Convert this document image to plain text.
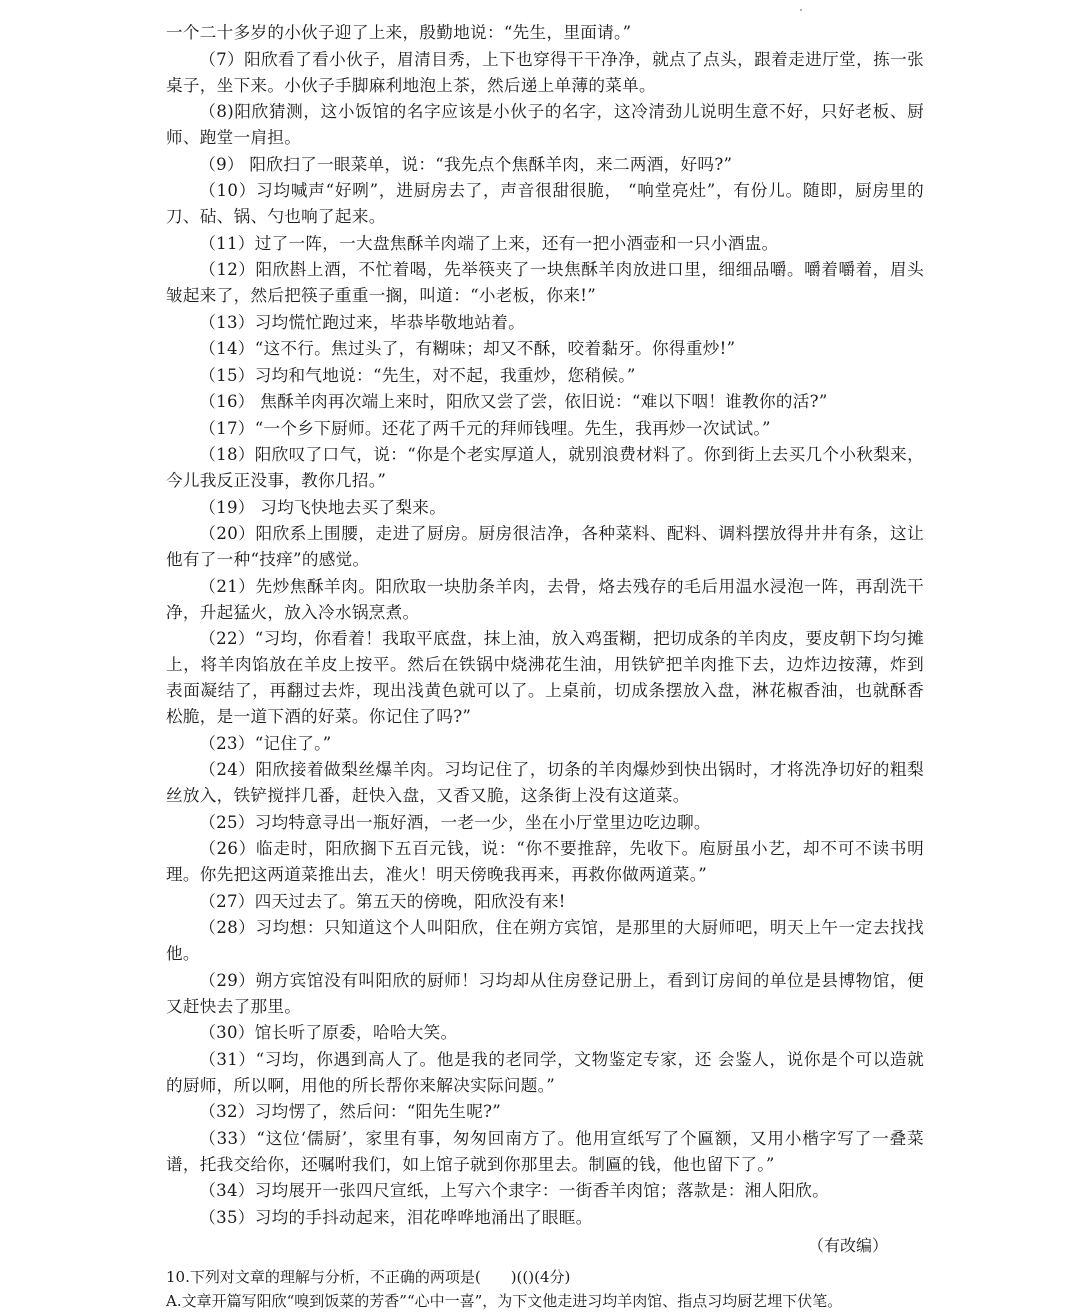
一个二十多岁的小伙子迎了上来，殷勤地说：“先生，里面请。”

（7）阳欣看了看小伙子，眉清目秀，上下也穿得干干净净，就点了点头，跟着走进厅堂，拣一张桌子，坐下来。小伙子手脚麻利地泡上茶，然后递上单薄的菜单。

（8)阳欣猜测，这小饭馆的名字应该是小伙子的名字，这冷清劲儿说明生意不好，只好老板、厨师、跑堂一肩担。

（9） 阳欣扫了一眼菜单，说：“我先点个焦酥羊肉，来二两酒，好吗?”

（10）习均喊声“好咧”，进厨房去了，声音很甜很脆， “响堂亮灶”，有份儿。随即，厨房里的刀、砧、锅、勺也响了起来。

（11）过了一阵，一大盘焦酥羊肉端了上来，还有一把小酒壶和一只小酒盅。

（12）阳欣斟上酒，不忙着喝，先举筷夹了一块焦酥羊肉放进口里，细细品嚼。嚼着嚼着，眉头皱起来了，然后把筷子重重一搁，叫道：“小老板，你来!”

（13）习均慌忙跑过来，毕恭毕敬地站着。

（14）“这不行。焦过头了，有糊味；却又不酥，咬着黏牙。你得重炒!”

（15）习均和气地说：“先生，对不起，我重炒，您稍候。”

（16） 焦酥羊肉再次端上来时，阳欣又尝了尝，依旧说：“难以下咽！谁教你的活?”

（17）“一个乡下厨师。还花了两千元的拜师钱哩。先生，我再炒一次试试。”

（18）阳欣叹了口气，说：“你是个老实厚道人，就别浪费材料了。你到街上去买几个小秋梨来，今儿我反正没事，教你几招。”

（19） 习均飞快地去买了梨来。

（20）阳欣系上围腰，走进了厨房。厨房很洁净，各种菜料、配料、调料摆放得井井有条，这让他有了一种“技痒”的感觉。

（21）先炒焦酥羊肉。阳欣取一块肋条羊肉，去骨，烙去残存的毛后用温水浸泡一阵，再刮洗干净，升起猛火，放入冷水锅烹煮。

（22）“习均，你看着！我取平底盘，抹上油，放入鸡蛋糊，把切成条的羊肉皮，要皮朝下均匀摊上，将羊肉馅放在羊皮上按平。然后在铁锅中烧沸花生油，用铁铲把羊肉推下去，边炸边按薄，炸到表面凝结了，再翻过去炸，现出浅黄色就可以了。上桌前，切成条摆放入盘，淋花椒香油，也就酥香松脆，是一道下酒的好菜。你记住了吗?”

（23）“记住了。”

（24）阳欣接着做梨丝爆羊肉。习均记住了，切条的羊肉爆炒到快出锅时，才将洗净切好的粗梨丝放入，铁铲搅拌几番，赶快入盘，又香又脆，这条街上没有这道菜。

（25）习均特意寻出一瓶好酒，一老一少，坐在小厅堂里边吃边聊。

（26）临走时，阳欣搁下五百元钱，说：“你不要推辞，先收下。庖厨虽小艺，却不可不读书明理。你先把这两道菜推出去，准火！明天傍晚我再来，再救你做两道菜。”

（27）四天过去了。第五天的傍晚，阳欣没有来!

（28）习均想：只知道这个人叫阳欣，住在朔方宾馆，是那里的大厨师吧，明天上午一定去找找他。

（29）朔方宾馆没有叫阳欣的厨师！习均却从住房登记册上，看到订房间的单位是县博物馆，便又赶快去了那里。

（30）馆长听了原委，哈哈大笑。

（31）“习均，你遇到高人了。他是我的老同学，文物鉴定专家，还 会鉴人，说你是个可以造就的厨师，所以啊，用他的所长帮你来解决实际问题。”

（32）习均愣了，然后问：“阳先生呢?”

（33）“这位‘儒厨’，家里有事，匆匆回南方了。他用宣纸写了个匾额，又用小楷字写了一叠菜谱，托我交给你，还嘱咐我们，如上馆子就到你那里去。制匾的钱，他也留下了。”

（34）习均展开一张四尺宣纸，上写六个隶字：一街香羊肉馆；落款是：湘人阳欣。

（35）习均的手抖动起来，泪花哗哗地涌出了眼眶。

（有改编）

10.下列对文章的理解与分析，不正确的两项是(　　)(()(4分)

A.文章开篇写阳欣“嗅到饭菜的芳香”“心中一喜”，为下文他走进习均羊肉馆、指点习均厨艺埋下伏笔。
